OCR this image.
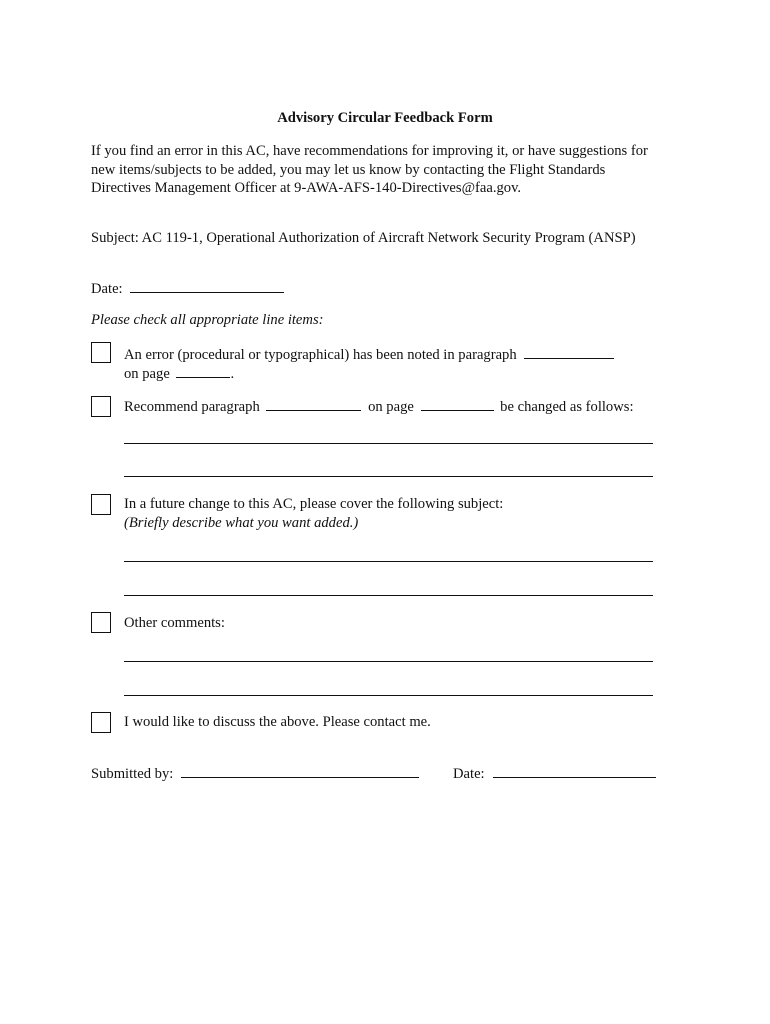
Advisory Circular Feedback Form
If you find an error in this AC, have recommendations for improving it, or have suggestions for
new items/subjects to be added, you may let us know by contacting the Flight Standards
Directives Management Officer at 9-AWA-AFS-140-Directives@faa.gov.
Subject: AC 119-1, Operational Authorization of Aircraft Network Security Program (ANSP)
Date:
Please check all appropriate line items:
An error (procedural or typographical) has been noted in paragraph
on page	.
Recommend paragraph	on page	be changed as follows:
In a future change to this AC, please cover the following subject:
(Briefly describe what you want added.)
Other comments:
I would like to discuss the above. Please contact me.
Submitted by:	Date:
